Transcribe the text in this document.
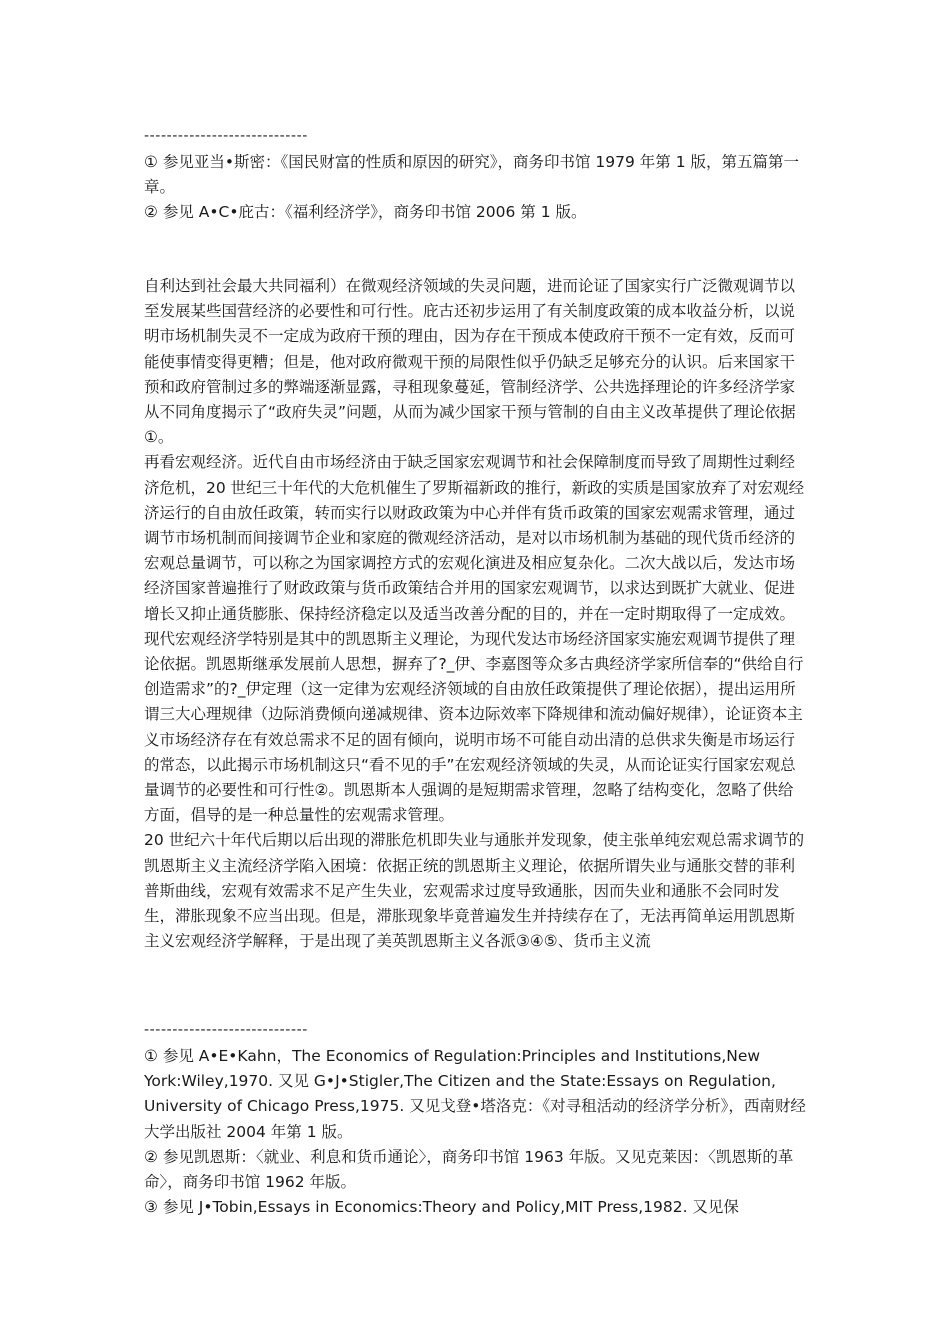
-----------------------------

① 参见亚当•斯密：《国民财富的性质和原因的研究》，商务印书馆 1979 年第 1 版，第五篇第一章。

② 参见 A•C•庇古：《福利经济学》，商务印书馆 2006 第 1 版。

自利达到社会最大共同福利）在微观经济领域的失灵问题，进而论证了国家实行广泛微观调节以至发展某些国营经济的必要性和可行性。庇古还初步运用了有关制度政策的成本收益分析，以说明市场机制失灵不一定成为政府干预的理由，因为存在干预成本使政府干预不一定有效，反而可能使事情变得更糟；但是，他对政府微观干预的局限性似乎仍缺乏足够充分的认识。后来国家干预和政府管制过多的弊端逐渐显露，寻租现象蔓延，管制经济学、公共选择理论的许多经济学家从不同角度揭示了“政府失灵”问题，从而为减少国家干预与管制的自由主义改革提供了理论依据①。

再看宏观经济。近代自由市场经济由于缺乏国家宏观调节和社会保障制度而导致了周期性过剩经济危机，20 世纪三十年代的大危机催生了罗斯福新政的推行，新政的实质是国家放弃了对宏观经济运行的自由放任政策，转而实行以财政政策为中心并伴有货币政策的国家宏观需求管理，通过调节市场机制而间接调节企业和家庭的微观经济活动，是对以市场机制为基础的现代货币经济的宏观总量调节，可以称之为国家调控方式的宏观化演进及相应复杂化。二次大战以后，发达市场经济国家普遍推行了财政政策与货币政策结合并用的国家宏观调节，以求达到既扩大就业、促进增长又抑止通货膨胀、保持经济稳定以及适当改善分配的目的，并在一定时期取得了一定成效。

现代宏观经济学特别是其中的凯恩斯主义理论，为现代发达市场经济国家实施宏观调节提供了理论依据。凯恩斯继承发展前人思想，摒弃了?_伊、李嘉图等众多古典经济学家所信奉的“供给自行创造需求”的?_伊定理（这一定律为宏观经济领域的自由放任政策提供了理论依据），提出运用所谓三大心理规律（边际消费倾向递减规律、资本边际效率下降规律和流动偏好规律），论证资本主义市场经济存在有效总需求不足的固有倾向，说明市场不可能自动出清的总供求失衡是市场运行的常态，以此揭示市场机制这只“看不见的手”在宏观经济领域的失灵，从而论证实行国家宏观总量调节的必要性和可行性②。凯恩斯本人强调的是短期需求管理，忽略了结构变化，忽略了供给方面，倡导的是一种总量性的宏观需求管理。

20 世纪六十年代后期以后出现的滞胀危机即失业与通胀并发现象，使主张单纯宏观总需求调节的凯恩斯主义主流经济学陷入困境：依据正统的凯恩斯主义理论，依据所谓失业与通胀交替的菲利普斯曲线，宏观有效需求不足产生失业，宏观需求过度导致通胀，因而失业和通胀不会同时发生，滞胀现象不应当出现。但是，滞胀现象毕竟普遍发生并持续存在了，无法再简单运用凯恩斯主义宏观经济学解释，于是出现了美英凯恩斯主义各派③④⑤、货币主义流

-----------------------------

① 参见 A•E•Kahn，The Economics of Regulation:Principles and Institutions,New York:Wiley,1970. 又见 G•J•Stigler,The Citizen and the State:Essays on Regulation, University of Chicago Press,1975. 又见戈登•塔洛克：《对寻租活动的经济学分析》，西南财经大学出版社 2004 年第 1 版。

② 参见凯恩斯：〈就业、利息和货币通论〉，商务印书馆 1963 年版。又见克莱因：〈凯恩斯的革命〉，商务印书馆 1962 年版。

③ 参见 J•Tobin,Essays in Economics:Theory and Policy,MIT Press,1982. 又见保
